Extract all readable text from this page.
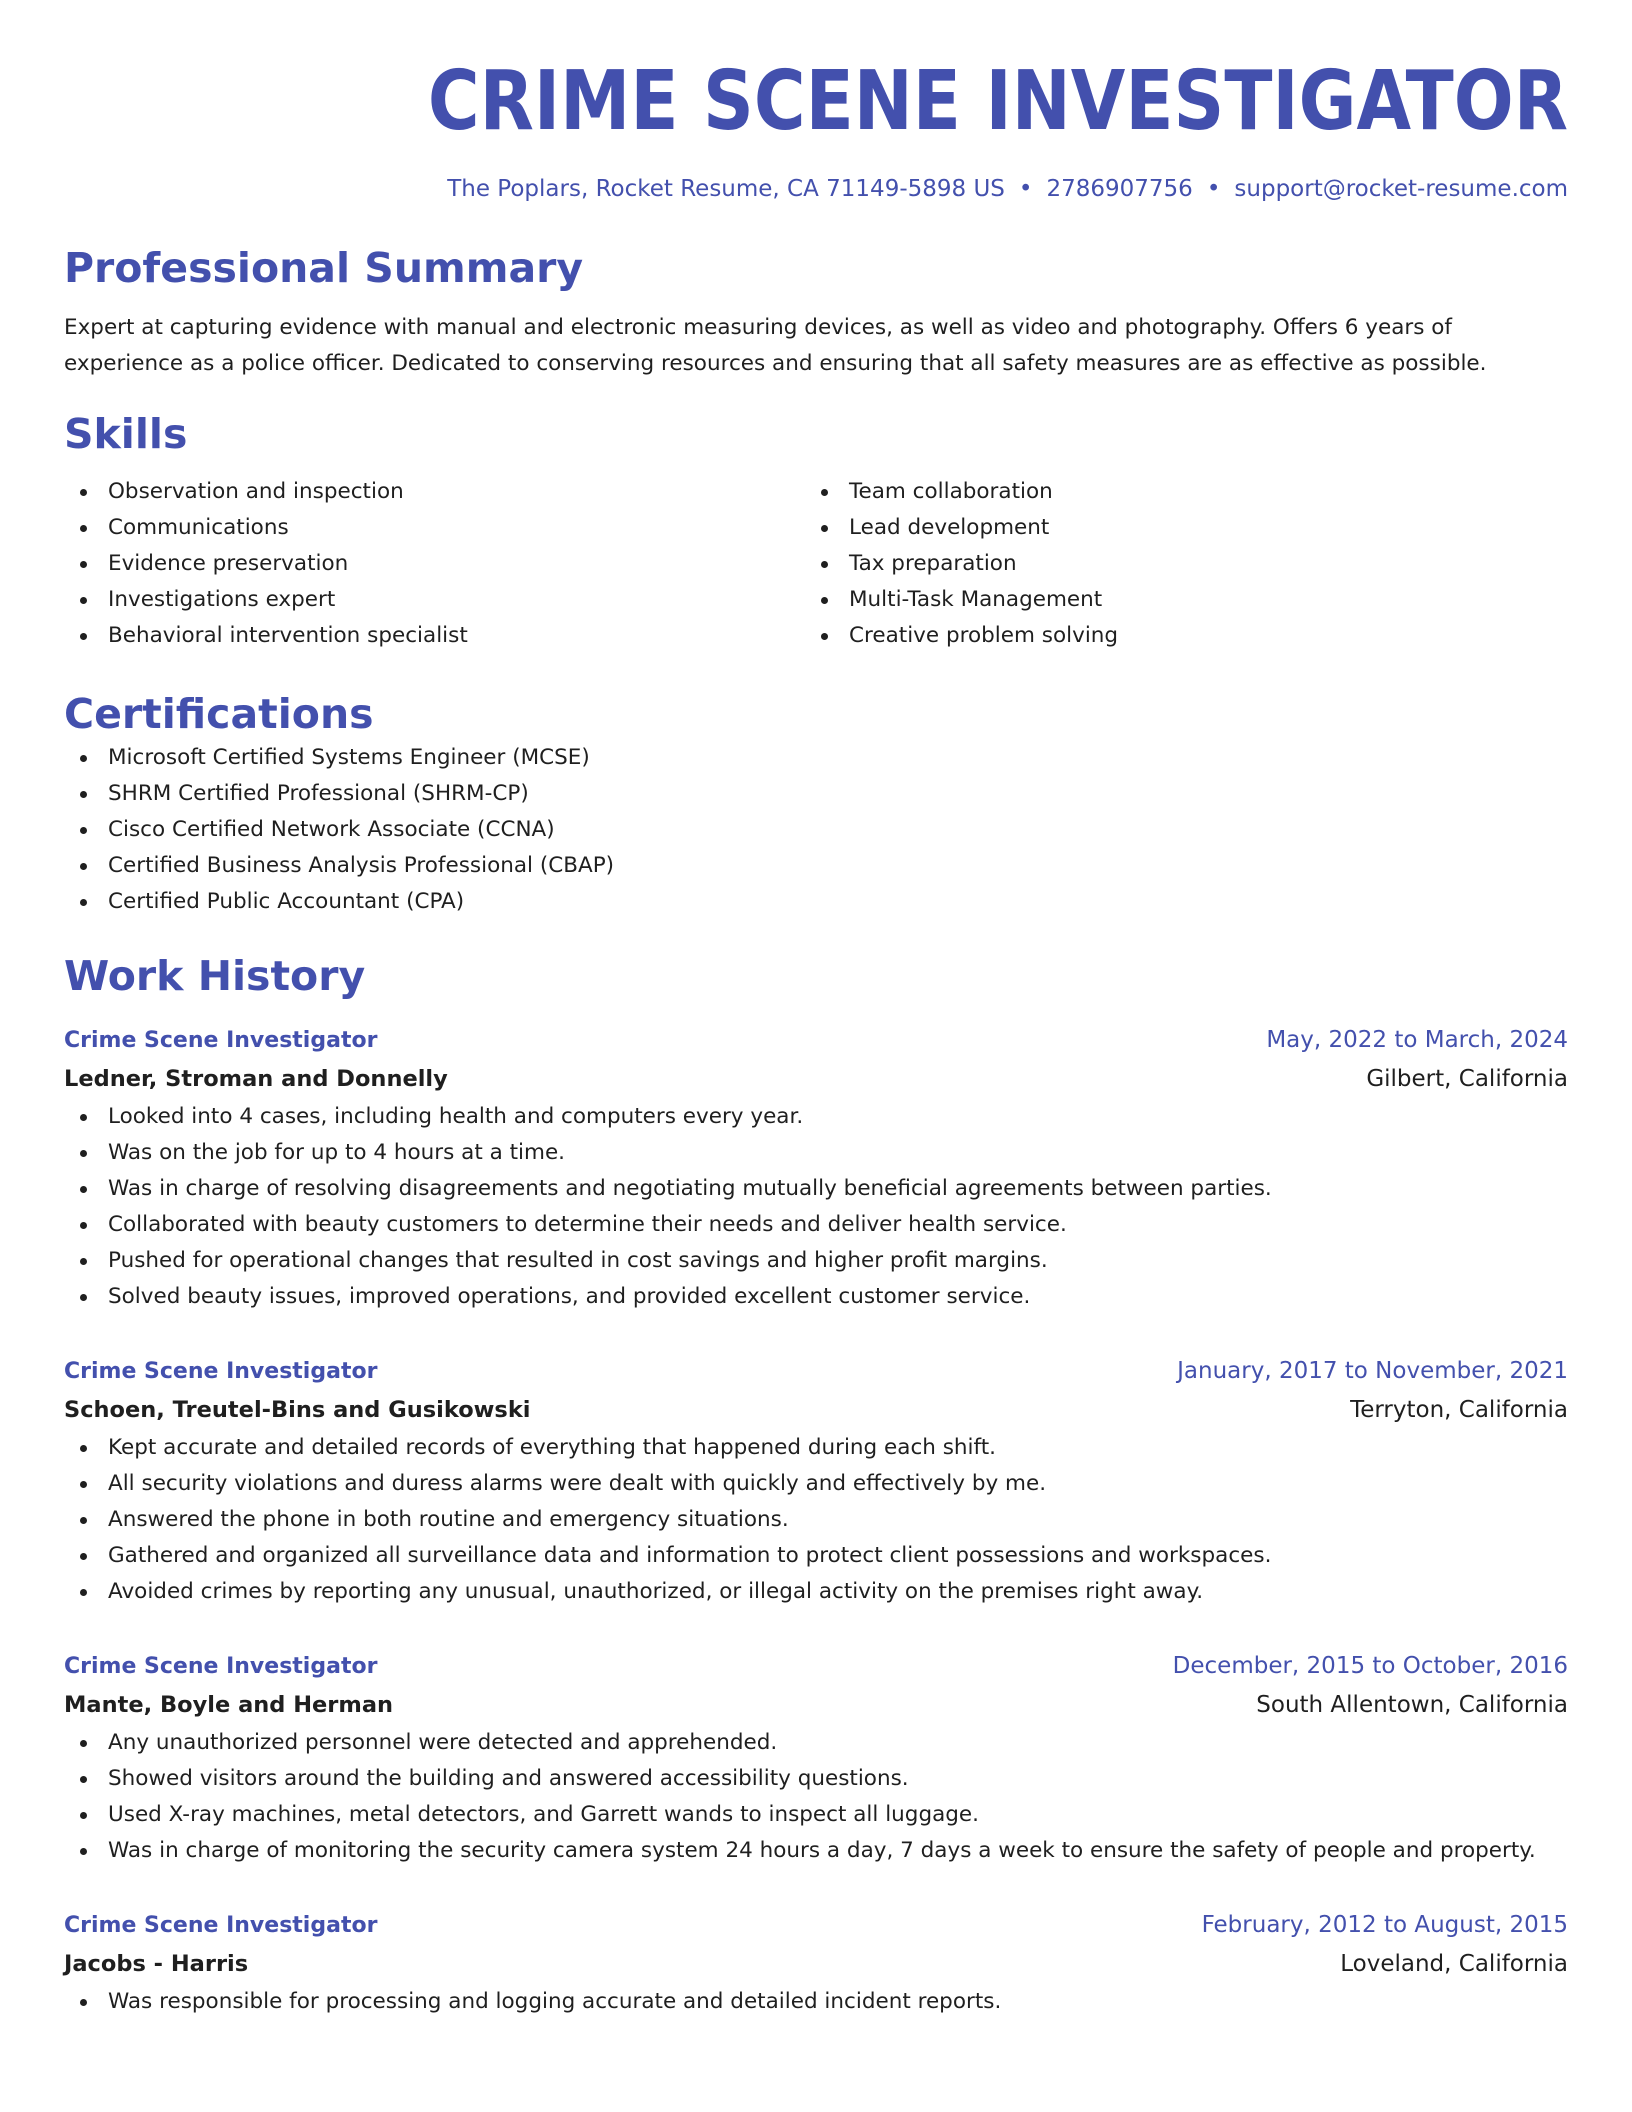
CRIME SCENE INVESTIGATOR
The Poplars, Rocket Resume, CA 71149-5898 US • 2786907756 • support@rocket-resume.com
Professional Summary

Expert at capturing evidence with manual and electronic measuring devices, as well as video and photography. Offers 6 years of experience as a police officer. Dedicated to conserving resources and ensuring that all safety measures are as effective as possible.

Skills
Observation and inspection
Communications
Evidence preservation
Investigations expert
Behavioral intervention specialist
Team collaboration
Lead development
Tax preparation
Multi-Task Management
Creative problem solving
Certifications
Microsoft Certified Systems Engineer (MCSE)
SHRM Certified Professional (SHRM-CP)
Cisco Certified Network Associate (CCNA)
Certified Business Analysis Professional (CBAP)
Certified Public Accountant (CPA)
Work History
Crime Scene Investigator	May, 2022 to March, 2024
Ledner, Stroman and Donnelly	Gilbert, California
Looked into 4 cases, including health and computers every year.
Was on the job for up to 4 hours at a time.
Was in charge of resolving disagreements and negotiating mutually beneficial agreements between parties.
Collaborated with beauty customers to determine their needs and deliver health service.
Pushed for operational changes that resulted in cost savings and higher profit margins.
Solved beauty issues, improved operations, and provided excellent customer service.
Crime Scene Investigator	January, 2017 to November, 2021
Schoen, Treutel-Bins and Gusikowski	Terryton, California
Kept accurate and detailed records of everything that happened during each shift.
All security violations and duress alarms were dealt with quickly and effectively by me.
Answered the phone in both routine and emergency situations.
Gathered and organized all surveillance data and information to protect client possessions and workspaces.
Avoided crimes by reporting any unusual, unauthorized, or illegal activity on the premises right away.
Crime Scene Investigator	December, 2015 to October, 2016
Mante, Boyle and Herman	South Allentown, California
Any unauthorized personnel were detected and apprehended.
Showed visitors around the building and answered accessibility questions.
Used X-ray machines, metal detectors, and Garrett wands to inspect all luggage.
Was in charge of monitoring the security camera system 24 hours a day, 7 days a week to ensure the safety of people and property.
Crime Scene Investigator	February, 2012 to August, 2015
Jacobs - Harris	Loveland, California
Was responsible for processing and logging accurate and detailed incident reports.
